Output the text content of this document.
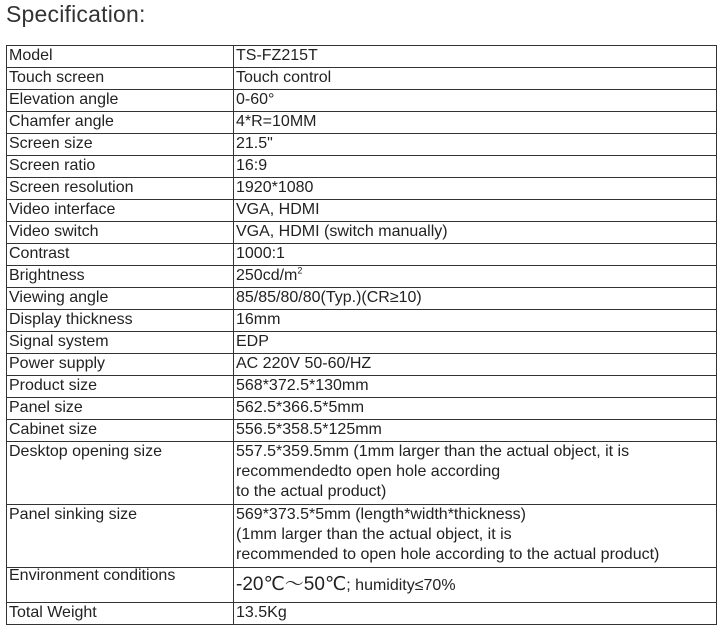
Specification:
Model	TS-FZ215T
Touch screen	Touch control
Elevation angle	0-60°
Chamfer angle	4*R=10MM
Screen size	21.5"
Screen ratio	16:9
Screen resolution	1920*1080
Video interface	VGA, HDMI
Video switch	VGA, HDMI (switch manually)
Contrast	1000:1
Brightness	$250cd/m^2$
Viewing angle	85/85/80/80(Typ.)(CR≥10)
Display thickness	16mm
Signal system	EDP
Power supply	AC 220V 50-60/HZ
Product size	568*372.5*130mm
Panel size	562.5*366.5*5mm
Cabinet size	556.5*358.5*125mm
Desktop opening size	557.5*359.5mm (1mm larger than the actual object, it is
recommendedto open hole according
to the actual product)

Panel sinking size	569*373.5*5mm (length*width*thickness)
(1mm larger than the actual object, it is
recommended to open hole according to the actual product)

Environment conditions	-20℃～50℃; humidity≤70%
Total Weight	13.5Kg
